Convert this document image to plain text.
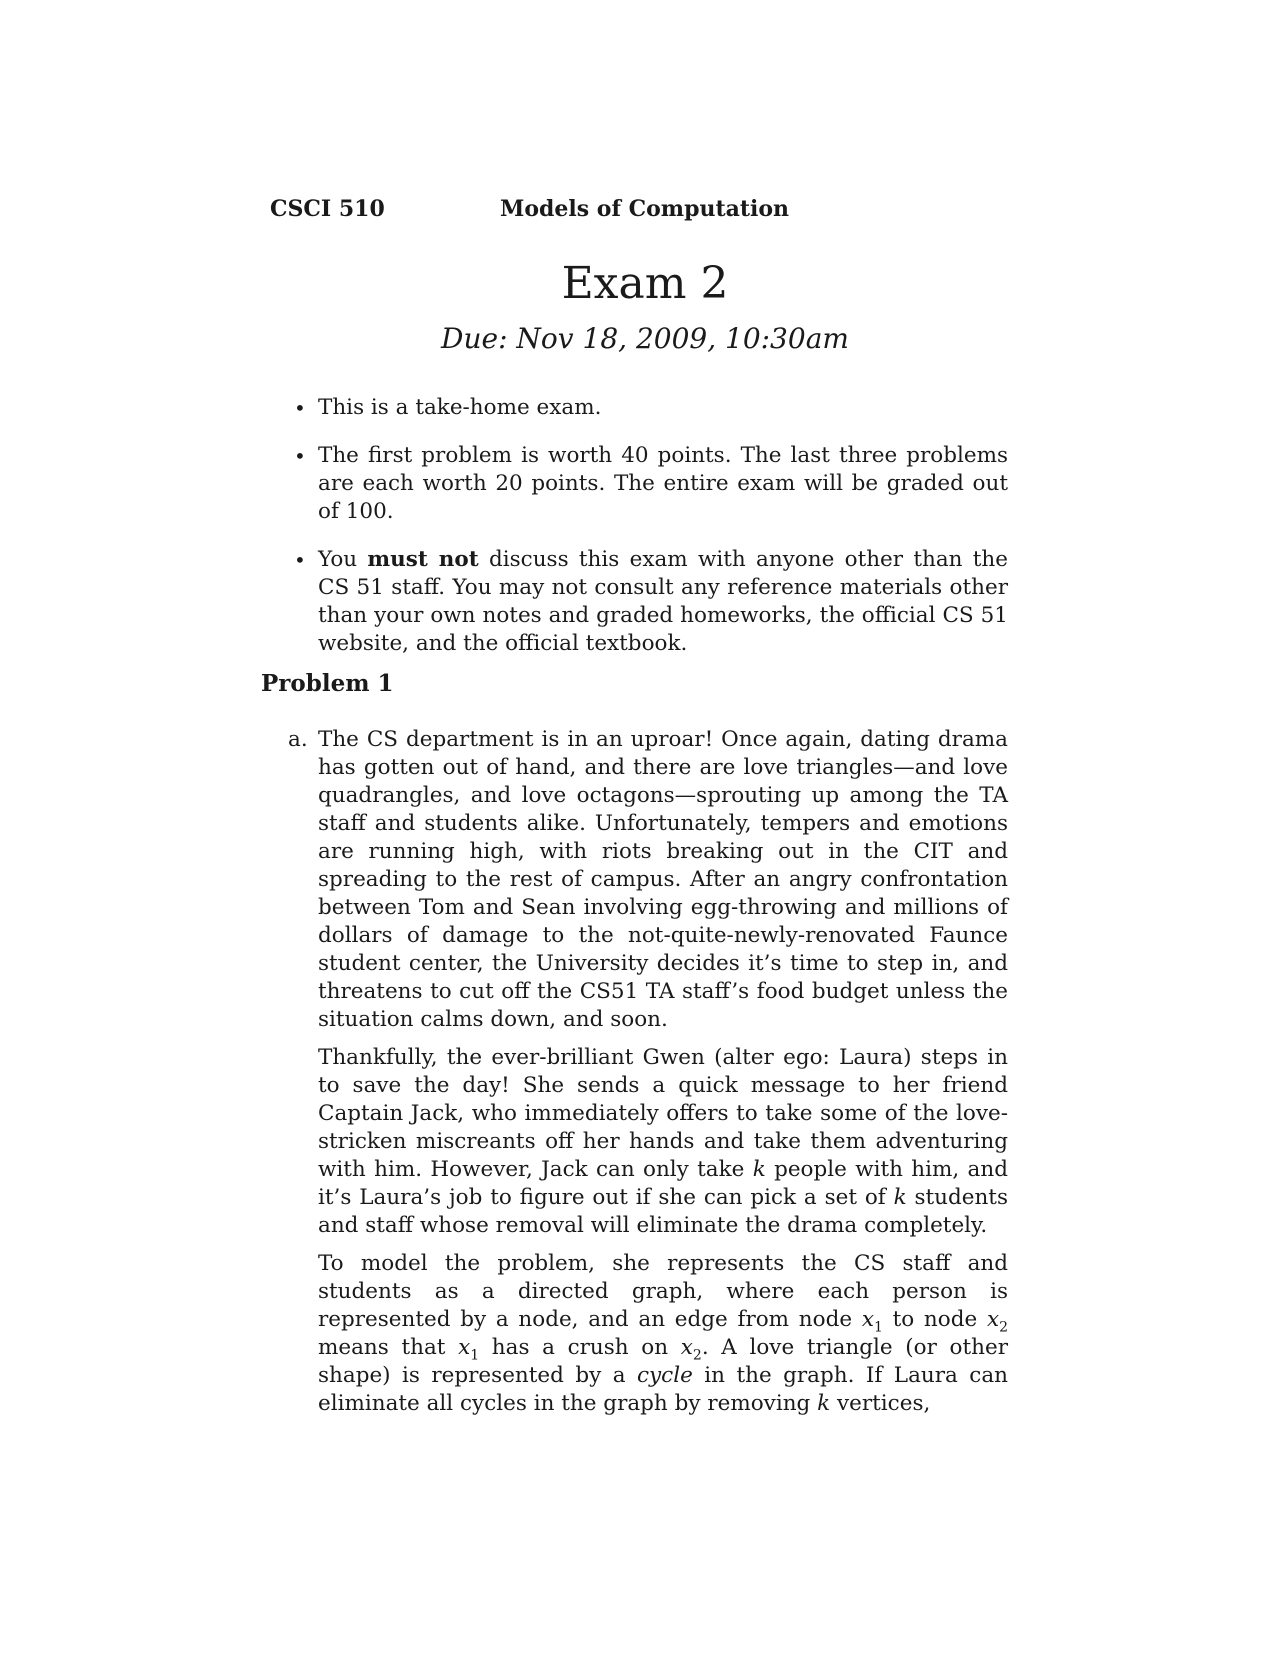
CSCI 510	Models of Computation
Exam 2
Due: Nov 18, 2009, 10:30am
• This is a take-home exam.
• The first problem is worth 40 points. The last three problems are each worth 20 points. The entire exam will be graded out of 100.
• You must not discuss this exam with anyone other than the CS 51 staff. You may not consult any reference materials other than your own notes and graded homeworks, the official CS 51 website, and the official textbook.
Problem 1
a. The CS department is in an uproar! Once again, dating drama has gotten out of hand, and there are love triangles—and love quadrangles, and love octagons—sprouting up among the TA staff and students alike. Unfortunately, tempers and emotions are running high, with riots breaking out in the CIT and spreading to the rest of campus. After an angry confrontation between Tom and Sean involving egg-throwing and millions of dollars of damage to the not-quite-newly-renovated Faunce student center, the University decides it’s time to step in, and threatens to cut off the CS51 TA staff’s food budget unless the situation calms down, and soon.

Thankfully, the ever-brilliant Gwen (alter ego: Laura) steps in to save the day! She sends a quick message to her friend Captain Jack, who immediately offers to take some of the love-stricken miscreants off her hands and take them adventuring with him. However, Jack can only take k people with him, and it’s Laura’s job to figure out if she can pick a set of k students and staff whose removal will eliminate the drama completely.

To model the problem, she represents the CS staff and students as a directed graph, where each person is represented by a node, and an edge from node $x_1$ to node $x_2$ means that $x_1$ has a crush on $x_2$. A love triangle (or other shape) is represented by a cycle in the graph. If Laura can eliminate all cycles in the graph by removing k vertices,
